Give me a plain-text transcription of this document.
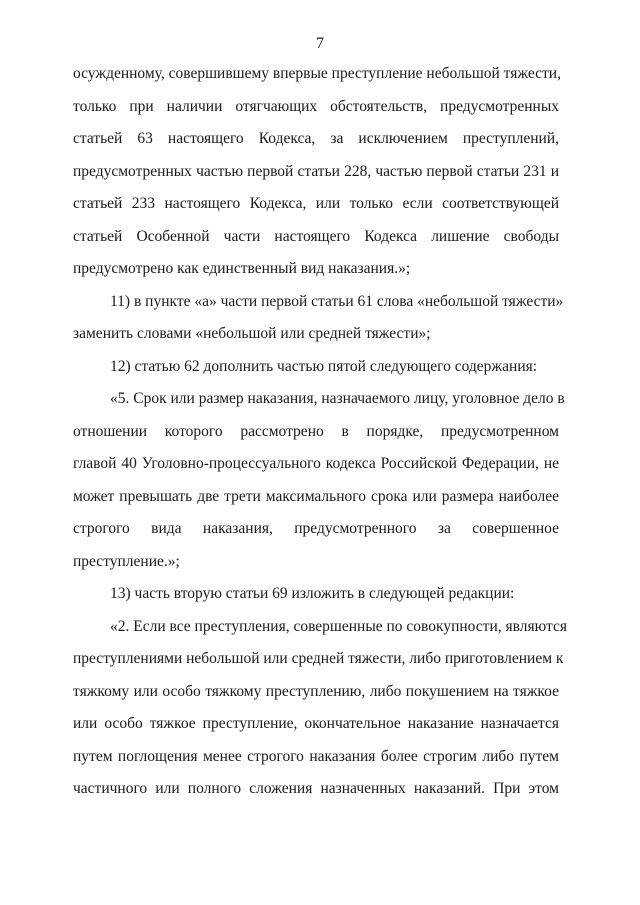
7
осужденному, совершившему впервые преступление небольшой тяжести,
только при наличии отягчающих обстоятельств, предусмотренных
статьей 63 настоящего Кодекса, за исключением преступлений,
предусмотренных частью первой статьи 228, частью первой статьи 231 и
статьей 233 настоящего Кодекса, или только если соответствующей
статьей Особенной части настоящего Кодекса лишение свободы
предусмотрено как единственный вид наказания.»;
11) в пункте «а» части первой статьи 61 слова «небольшой тяжести»
заменить словами «небольшой или средней тяжести»;
12) статью 62 дополнить частью пятой следующего содержания:
«5. Срок или размер наказания, назначаемого лицу, уголовное дело в
отношении которого рассмотрено в порядке, предусмотренном
главой 40 Уголовно-процессуального кодекса Российской Федерации, не
может превышать две трети максимального срока или размера наиболее
строгого вида наказания, предусмотренного за совершенное
преступление.»;
13) часть вторую статьи 69 изложить в следующей редакции:
«2. Если все преступления, совершенные по совокупности, являются
преступлениями небольшой или средней тяжести, либо приготовлением к
тяжкому или особо тяжкому преступлению, либо покушением на тяжкое
или особо тяжкое преступление, окончательное наказание назначается
путем поглощения менее строгого наказания более строгим либо путем
частичного или полного сложения назначенных наказаний. При этом
